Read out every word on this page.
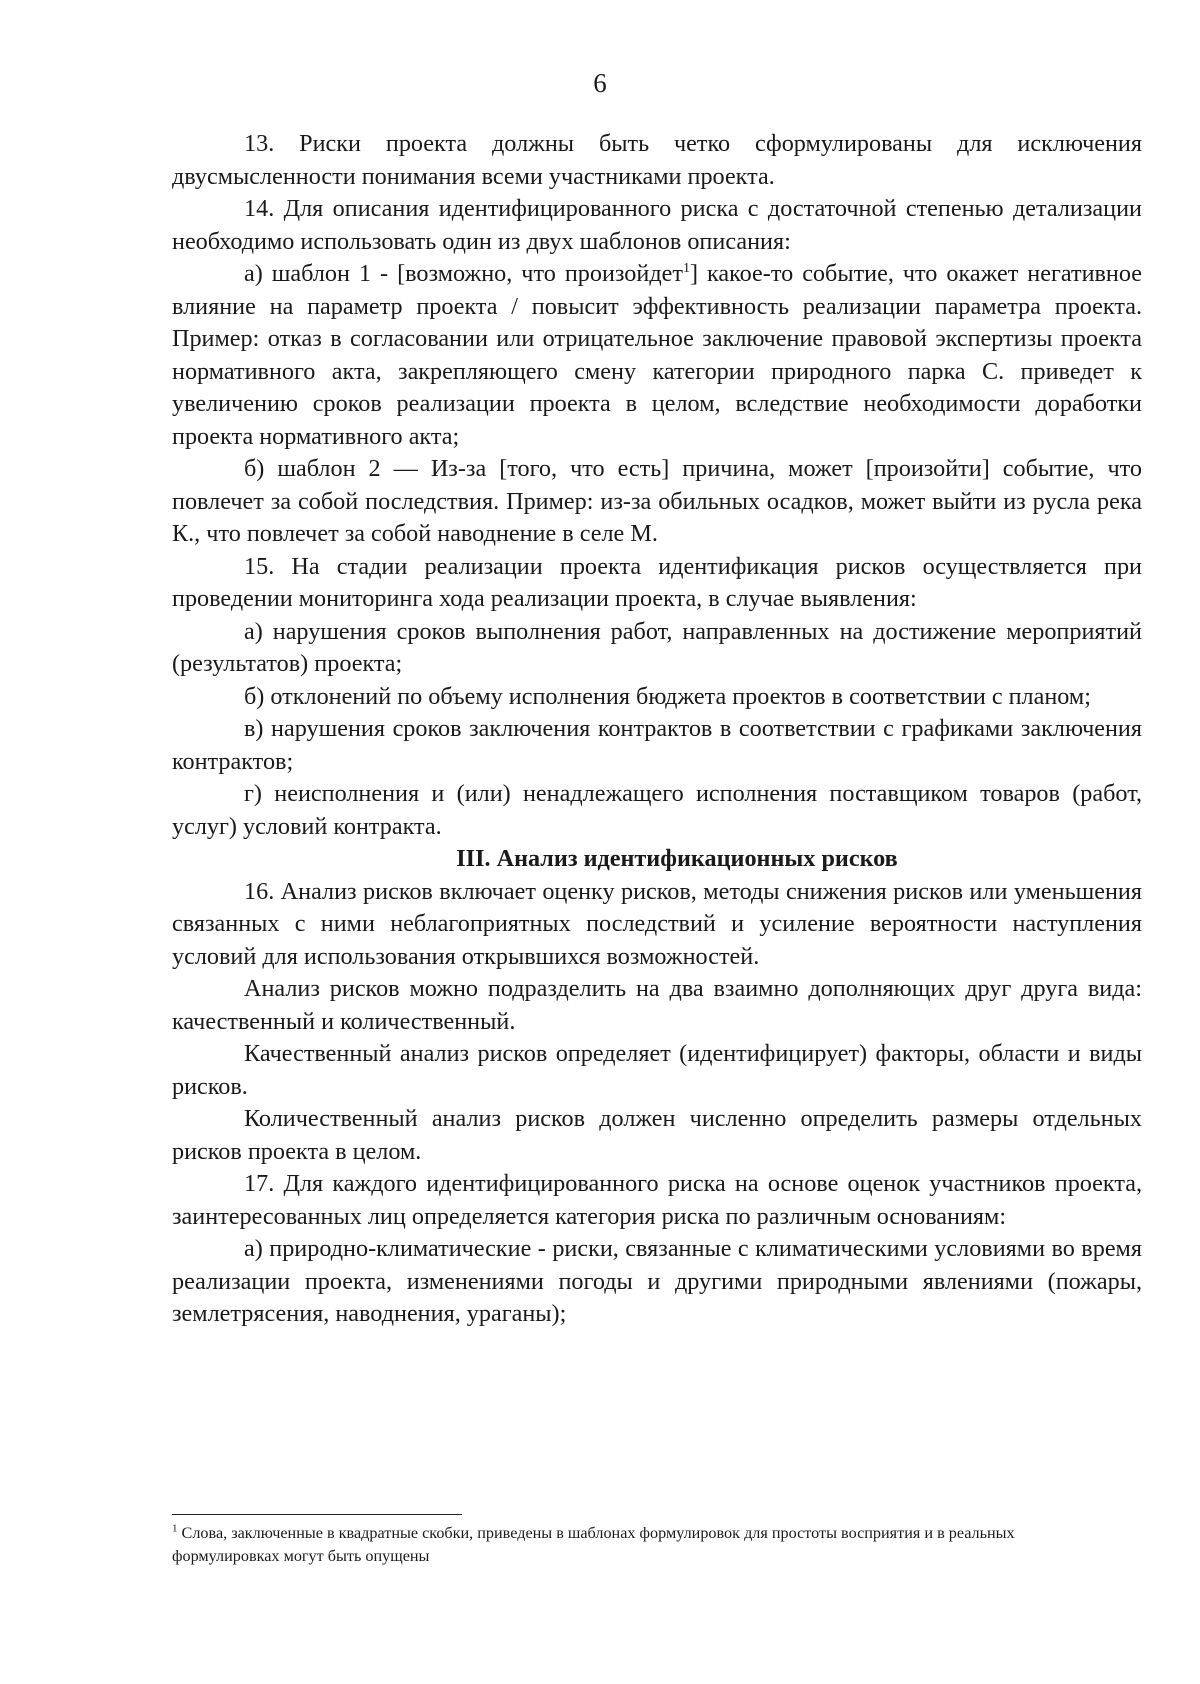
6

13. Риски проекта должны быть четко сформулированы для исключения двусмысленности понимания всеми участниками проекта.

14. Для описания идентифицированного риска с достаточной степенью детализации необходимо использовать один из двух шаблонов описания:

а) шаблон 1 - [возможно, что произойдет$^1$] какое-то событие, что окажет негативное влияние на параметр проекта / повысит эффективность реализации параметра проекта. Пример: отказ в согласовании или отрицательное заключение правовой экспертизы проекта нормативного акта, закрепляющего смену категории природного парка С. приведет к увеличению сроков реализации проекта в целом, вследствие необходимости доработки проекта нормативного акта;

б) шаблон 2 — Из-за [того, что есть] причина, может [произойти] событие, что повлечет за собой последствия. Пример: из-за обильных осадков, может выйти из русла река К., что повлечет за собой наводнение в селе М.

15. На стадии реализации проекта идентификация рисков осуществляется при проведении мониторинга хода реализации проекта, в случае выявления:

а) нарушения сроков выполнения работ, направленных на достижение мероприятий (результатов) проекта;

б) отклонений по объему исполнения бюджета проектов в соответствии с планом;

в) нарушения сроков заключения контрактов в соответствии с графиками заключения контрактов;

г) неисполнения и (или) ненадлежащего исполнения поставщиком товаров (работ, услуг) условий контракта.

III. Анализ идентификационных рисков

16. Анализ рисков включает оценку рисков, методы снижения рисков или уменьшения связанных с ними неблагоприятных последствий и усиление вероятности наступления условий для использования открывшихся возможностей.

Анализ рисков можно подразделить на два взаимно дополняющих друг друга вида: качественный и количественный.

Качественный анализ рисков определяет (идентифицирует) факторы, области и виды рисков.

Количественный анализ рисков должен численно определить размеры отдельных рисков проекта в целом.

17. Для каждого идентифицированного риска на основе оценок участников проекта, заинтересованных лиц определяется категория риска по различным основаниям:

а) природно-климатические - риски, связанные с климатическими условиями во время реализации проекта, изменениями погоды и другими природными явлениями (пожары, землетрясения, наводнения, ураганы);

$^1$ Слова, заключенные в квадратные скобки, приведены в шаблонах формулировок для простоты восприятия и в реальных формулировках могут быть опущены
